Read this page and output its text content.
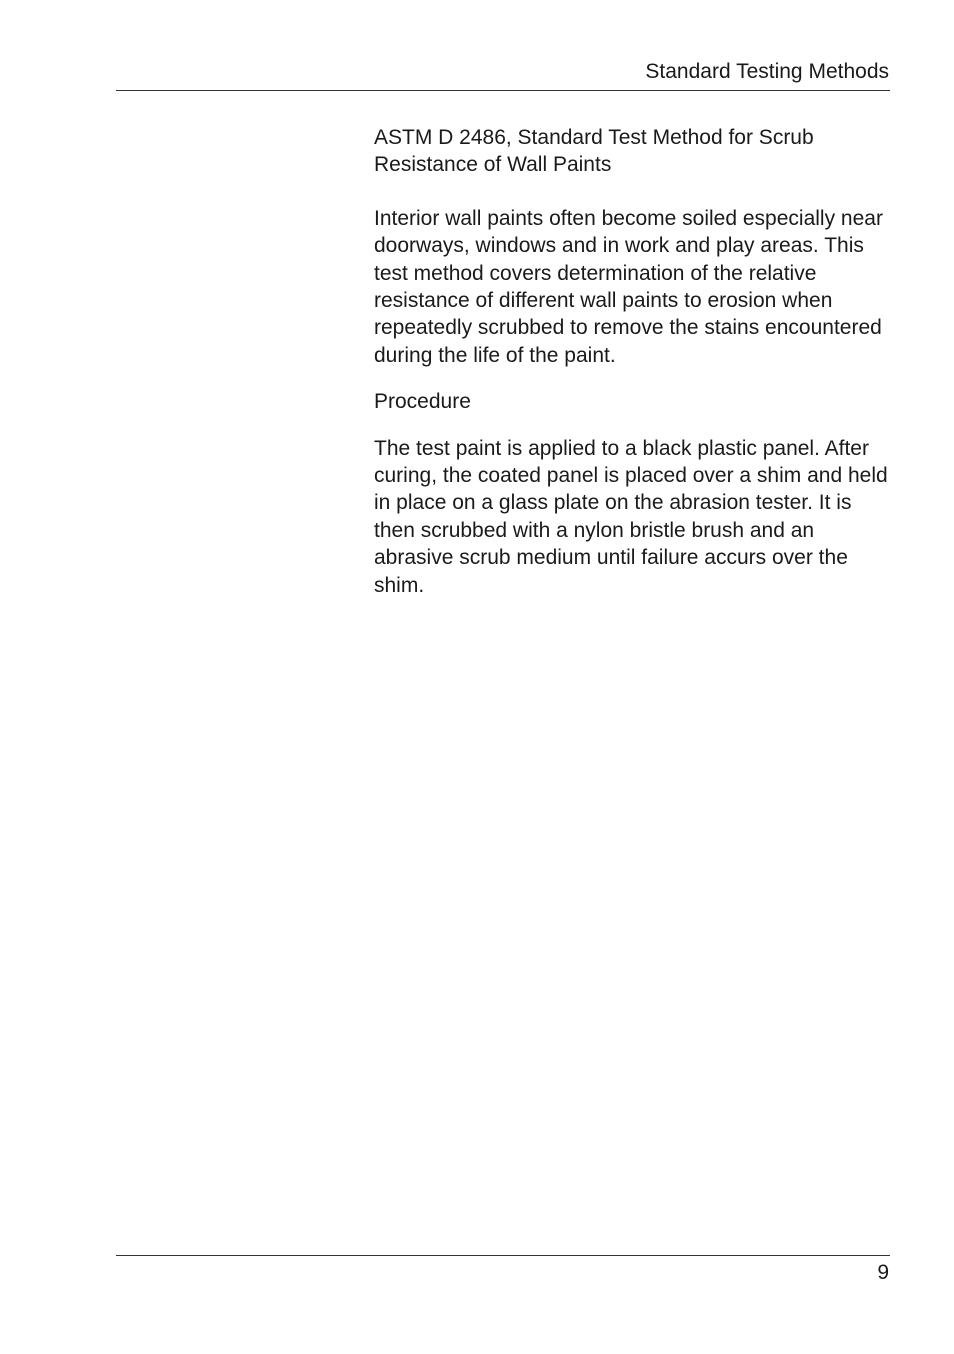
Standard Testing Methods

ASTM D 2486, Standard Test Method for Scrub Resistance of Wall Paints

Interior wall paints often become soiled especially near doorways, windows and in work and play areas. This test method covers determination of the relative resistance of different wall paints to erosion when repeatedly scrubbed to remove the stains encountered during the life of the paint.

Procedure

The test paint is applied to a black plastic panel. After curing, the coated panel is placed over a shim and held in place on a glass plate on the abrasion tester. It is then scrubbed with a nylon bristle brush and an abrasive scrub medium until failure accurs over the shim.

9
